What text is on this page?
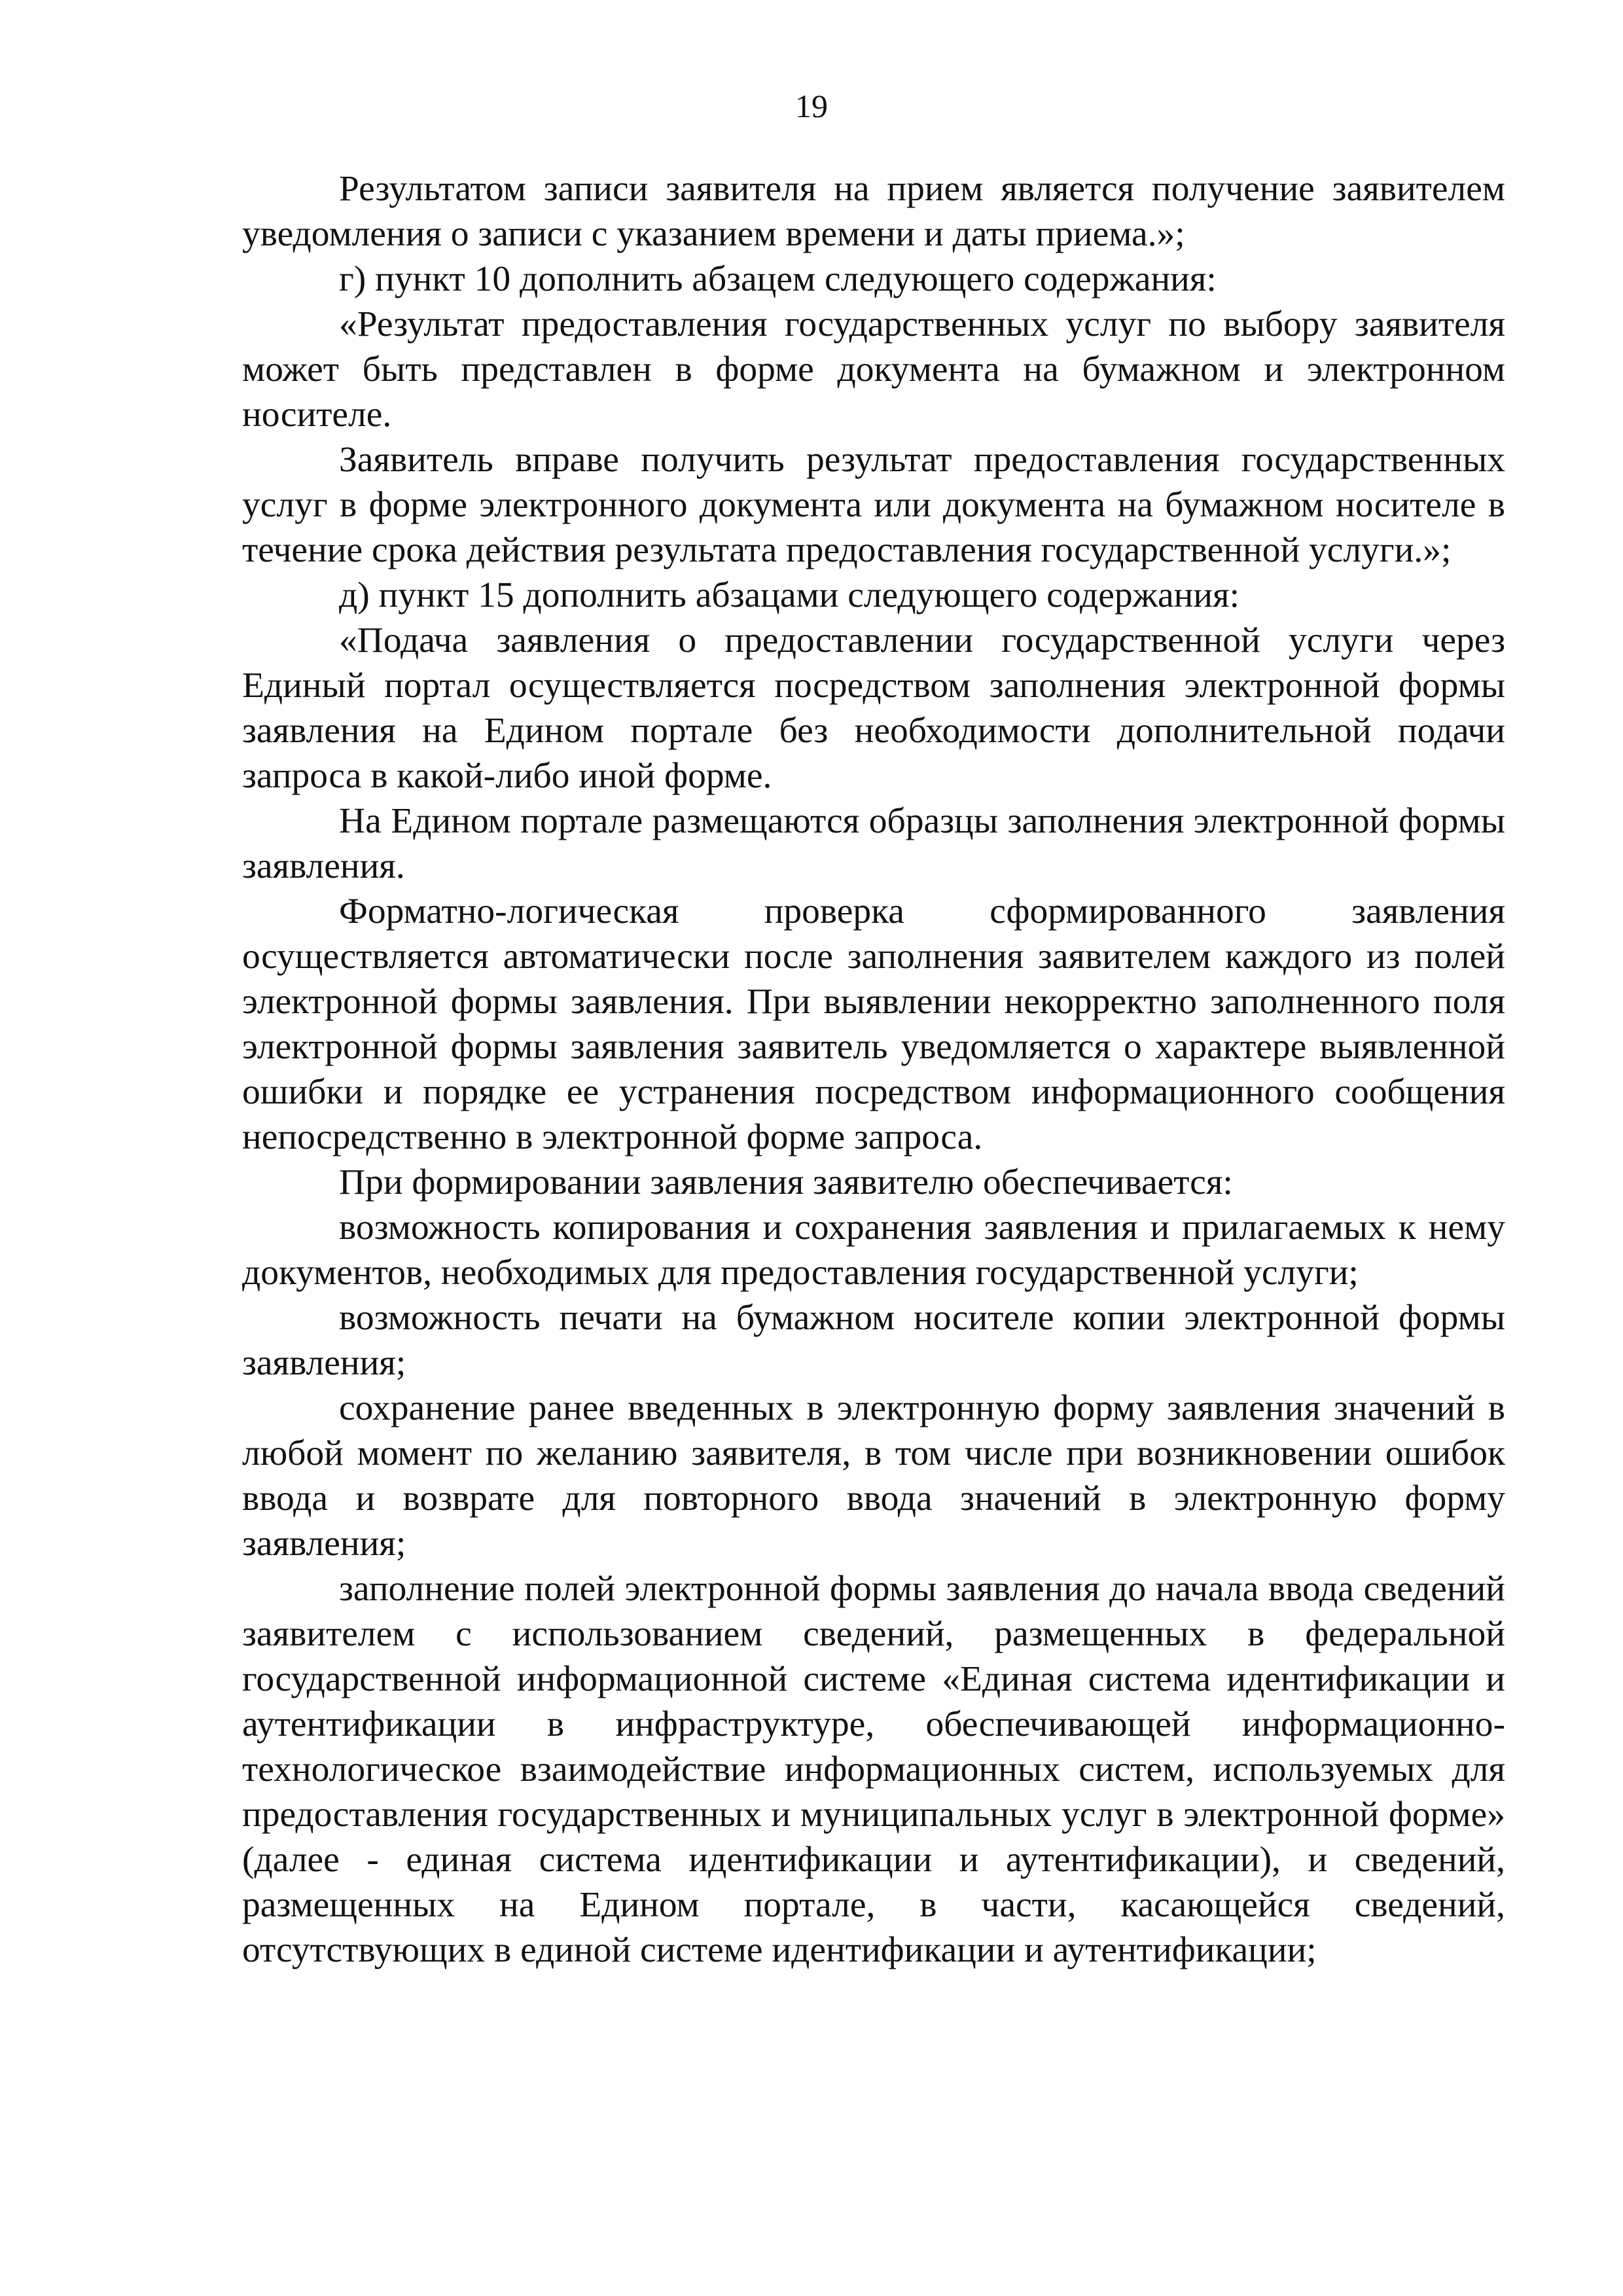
19

Результатом записи заявителя на прием является получение заявителем уведомления о записи с указанием времени и даты приема.»;

г) пункт 10 дополнить абзацем следующего содержания:

«Результат предоставления государственных услуг по выбору заявителя может быть представлен в форме документа на бумажном и электронном носителе.

Заявитель вправе получить результат предоставления государственных услуг в форме электронного документа или документа на бумажном носителе в течение срока действия результата предоставления государственной услуги.»;

д) пункт 15 дополнить абзацами следующего содержания:

«Подача заявления о предоставлении государственной услуги через Единый портал осуществляется посредством заполнения электронной формы заявления на Едином портале без необходимости дополнительной подачи запроса в какой-либо иной форме.

На Едином портале размещаются образцы заполнения электронной формы заявления.

Форматно-логическая проверка сформированного заявления осуществляется автоматически после заполнения заявителем каждого из полей электронной формы заявления. При выявлении некорректно заполненного поля электронной формы заявления заявитель уведомляется о характере выявленной ошибки и порядке ее устранения посредством информационного сообщения непосредственно в электронной форме запроса.

При формировании заявления заявителю обеспечивается:

возможность копирования и сохранения заявления и прилагаемых к нему документов, необходимых для предоставления государственной услуги;

возможность печати на бумажном носителе копии электронной формы заявления;

сохранение ранее введенных в электронную форму заявления значений в любой момент по желанию заявителя, в том числе при возникновении ошибок ввода и возврате для повторного ввода значений в электронную форму заявления;

заполнение полей электронной формы заявления до начала ввода сведений заявителем с использованием сведений, размещенных в федеральной государственной информационной системе «Единая система идентификации и аутентификации в инфраструктуре, обеспечивающей информационно-технологическое взаимодействие информационных систем, используемых для предоставления государственных и муниципальных услуг в электронной форме» (далее - единая система идентификации и аутентификации), и сведений, размещенных на Едином портале, в части, касающейся сведений, отсутствующих в единой системе идентификации и аутентификации;
